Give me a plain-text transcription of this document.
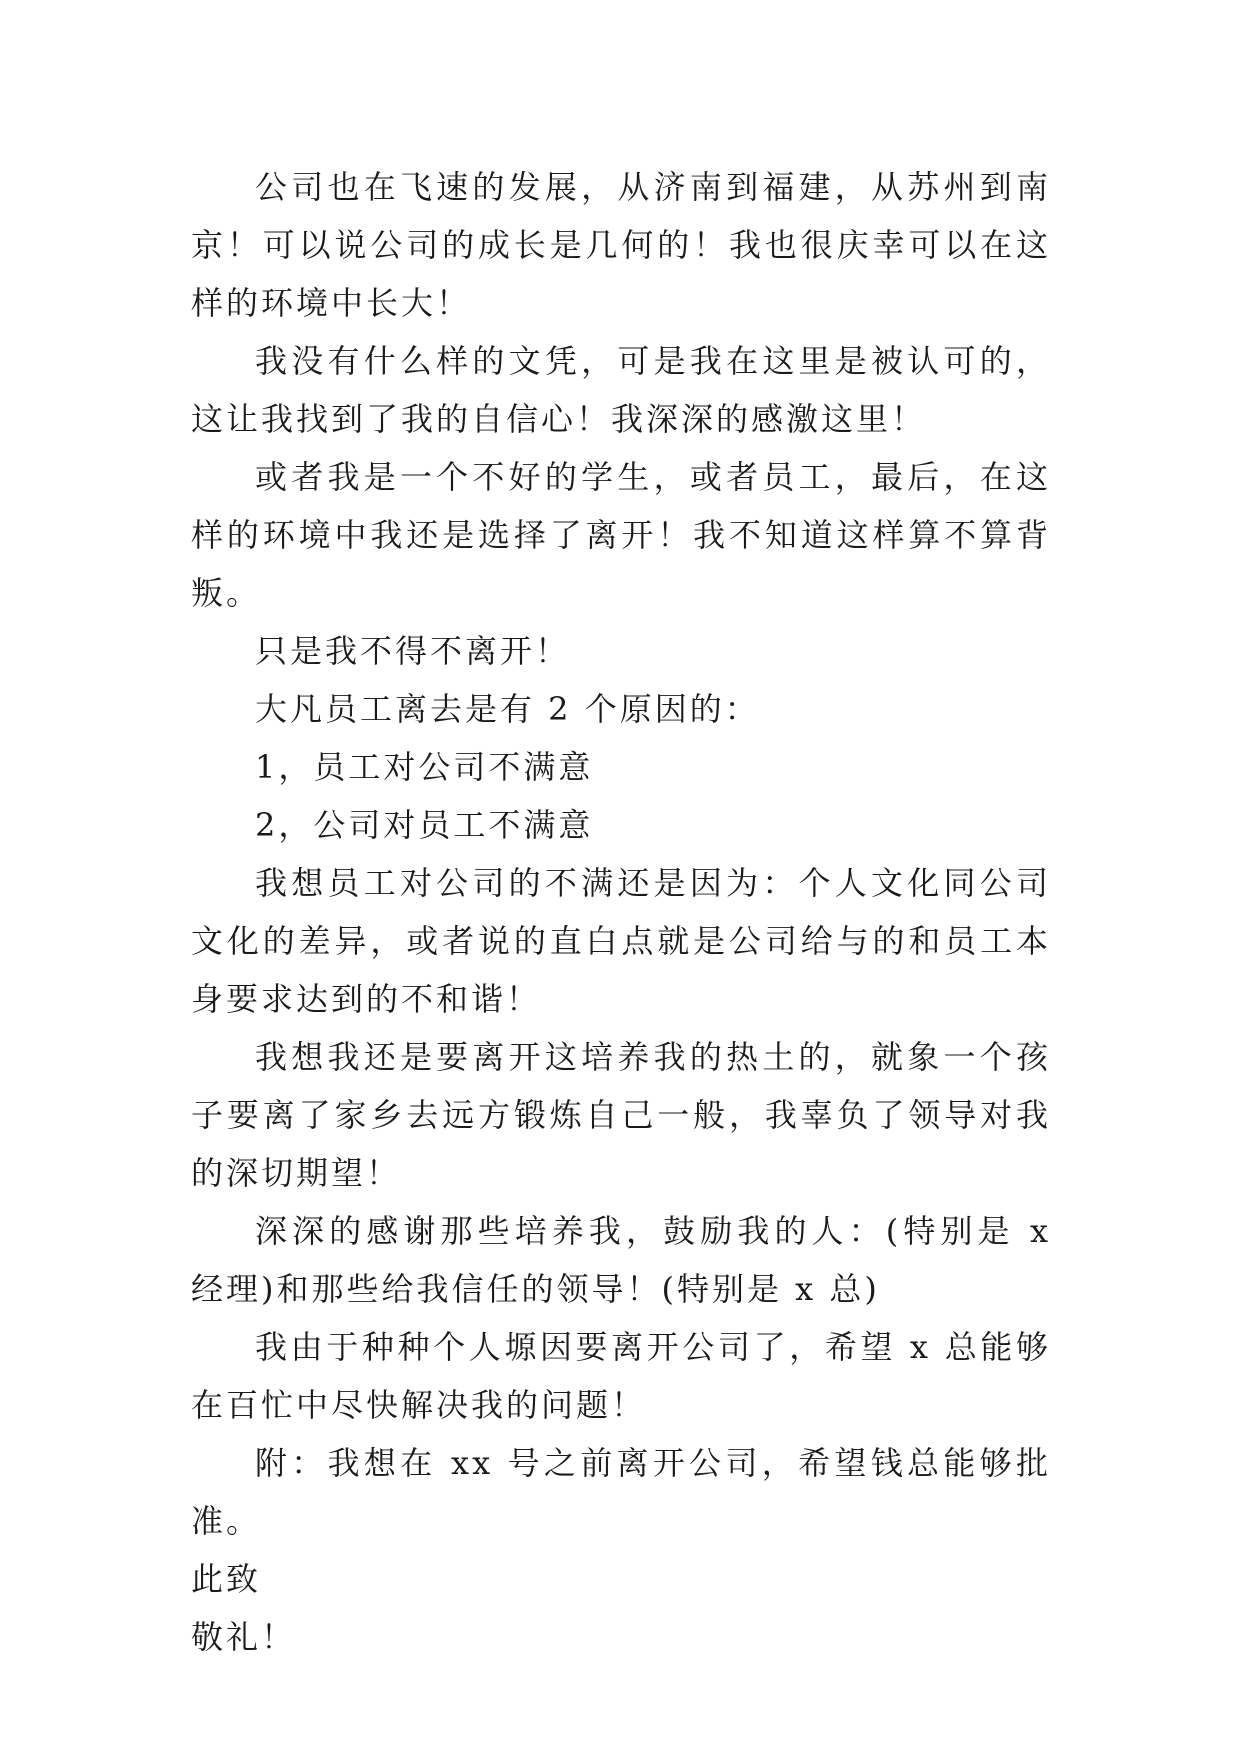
公司也在飞速的发展，从济南到福建，从苏州到南京！可以说公司的成长是几何的！我也很庆幸可以在这样的环境中长大！

我没有什么样的文凭，可是我在这里是被认可的，这让我找到了我的自信心！我深深的感激这里！

或者我是一个不好的学生，或者员工，最后，在这样的环境中我还是选择了离开！我不知道这样算不算背叛。

只是我不得不离开！

大凡员工离去是有 2 个原因的：

1，员工对公司不满意

2，公司对员工不满意

我想员工对公司的不满还是因为：个人文化同公司文化的差异，或者说的直白点就是公司给与的和员工本身要求达到的不和谐！

我想我还是要离开这培养我的热土的，就象一个孩子要离了家乡去远方锻炼自己一般，我辜负了领导对我的深切期望！

深深的感谢那些培养我，鼓励我的人：(特别是 x 经理)和那些给我信任的领导！(特别是 x 总)

我由于种种个人塬因要离开公司了，希望 x 总能够在百忙中尽快解决我的问题！

附：我想在 xx 号之前离开公司，希望钱总能够批准。

此致

敬礼！
